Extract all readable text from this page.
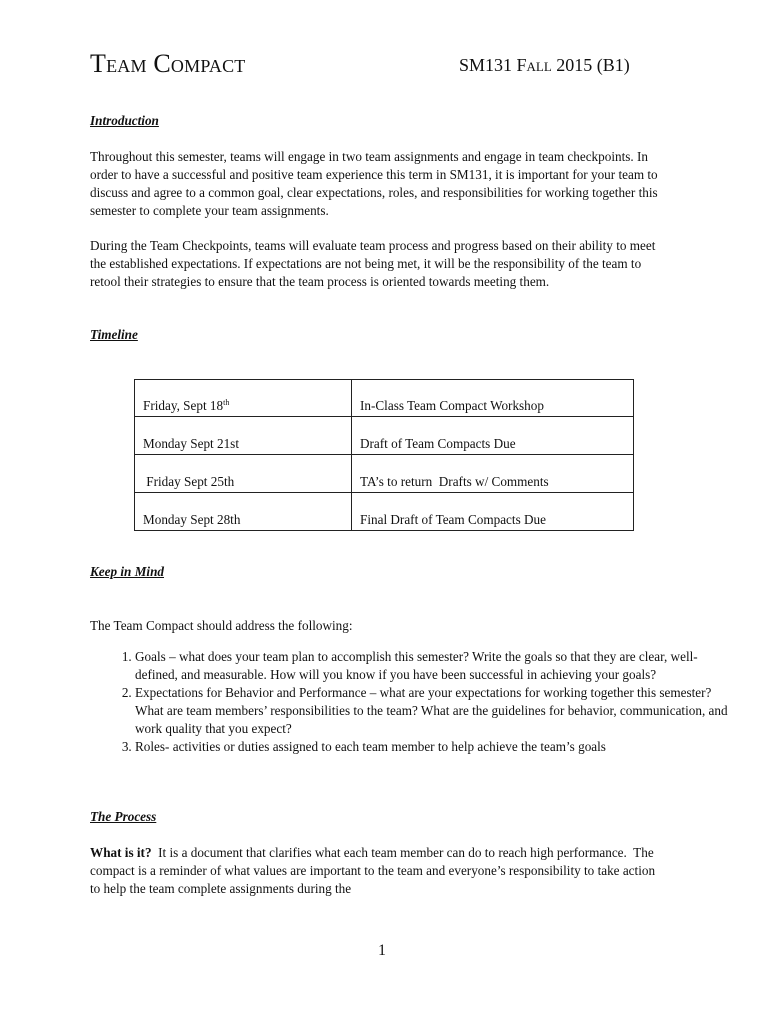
Team Compact	SM131 Fall 2015 (B1)
Introduction

Throughout this semester, teams will engage in two team assignments and engage in team checkpoints. In order to have a successful and positive team experience this term in SM131, it is important for your team to discuss and agree to a common goal, clear expectations, roles, and responsibilities for working together this semester to complete your team assignments.

During the Team Checkpoints, teams will evaluate team process and progress based on their ability to meet the established expectations. If expectations are not being met, it will be the responsibility of the team to retool their strategies to ensure that the team process is oriented towards meeting them.

Timeline
Friday, Sept 18th	In-Class Team Compact Workshop
Monday Sept 21st	Draft of Team Compacts Due
Friday Sept 25th	TA’s to return  Drafts w/ Comments
Monday Sept 28th	Final Draft of Team Compacts Due
Keep in Mind

The Team Compact should address the following:

1. Goals – what does your team plan to accomplish this semester? Write the goals so that they are clear, well-defined, and measurable. How will you know if you have been successful in achieving your goals?
2. Expectations for Behavior and Performance – what are your expectations for working together this semester? What are team members’ responsibilities to the team? What are the guidelines for behavior, communication, and work quality that you expect?
3. Roles- activities or duties assigned to each team member to help achieve the team’s goals
The Process

What is it?  It is a document that clarifies what each team member can do to reach high performance.  The compact is a reminder of what values are important to the team and everyone’s responsibility to take action to help the team complete assignments during the

1
